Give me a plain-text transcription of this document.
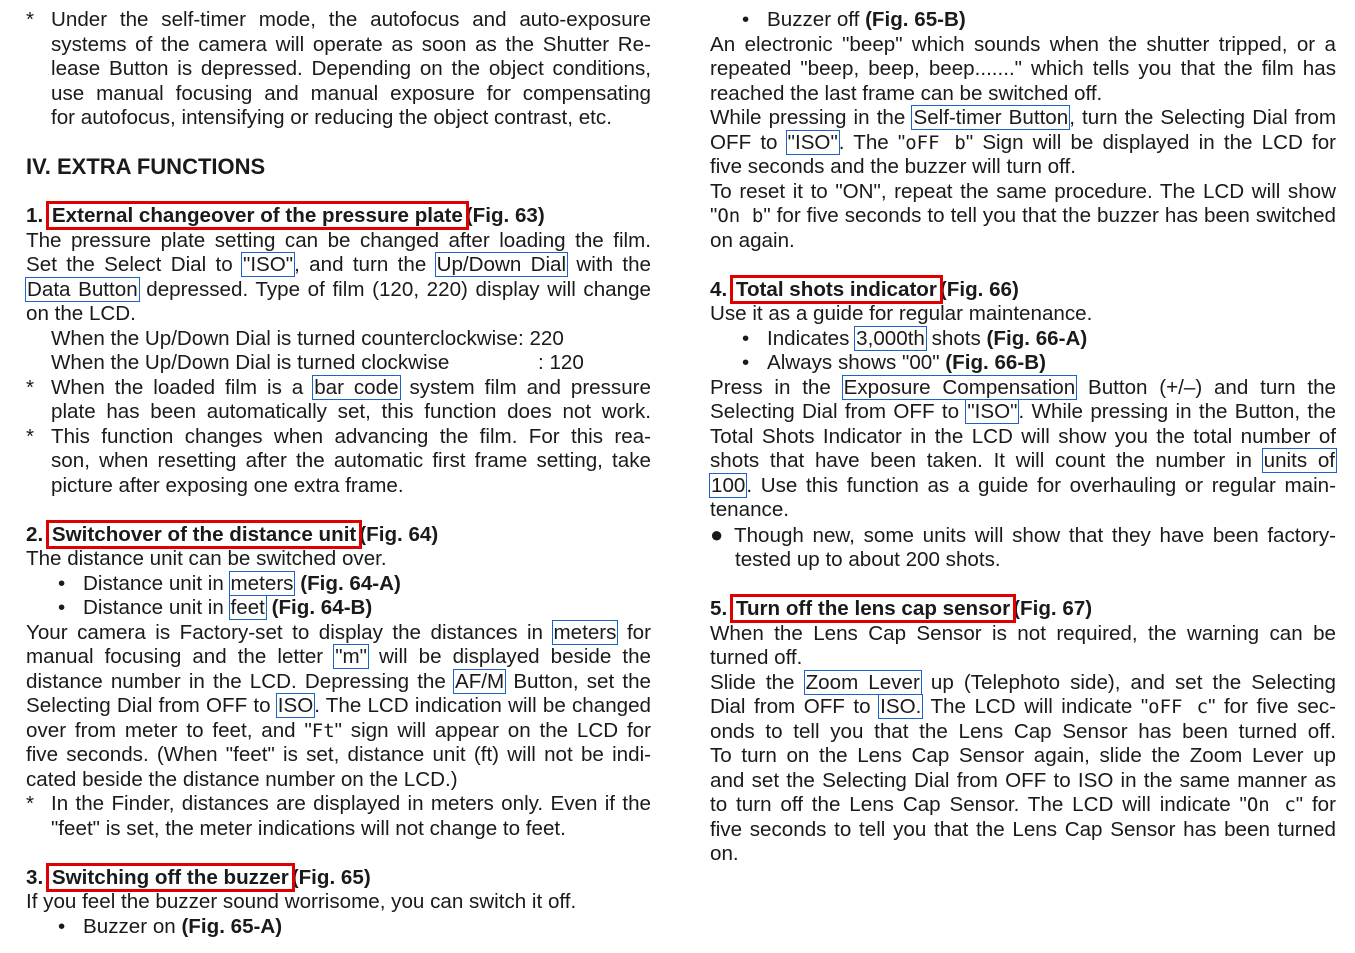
*Under the self-timer mode, the autofocus and auto-exposure
systems of the camera will operate as soon as the Shutter Re-
lease Button is depressed. Depending on the object conditions,
use manual focusing and manual exposure for compensating
for autofocus, intensifying or reducing the object contrast, etc.
IV. EXTRA FUNCTIONS
1. External changeover of the pressure plate (Fig. 63)
The pressure plate setting can be changed after loading the film.
Set the Select Dial to "ISO", and turn the Up/Down Dial with the
Data Button depressed. Type of film (120, 220) display will change
on the LCD.
When the Up/Down Dial is turned counterclockwise: 220
When the Up/Down Dial is turned clockwise	: 120
* When the loaded film is a bar code system film and pressure
plate has been automatically set, this function does not work.
* This function changes when advancing the film. For this rea-
son, when resetting after the automatic first frame setting, take
picture after exposing one extra frame.
2. Switchover of the distance unit (Fig. 64)
The distance unit can be switched over.
• Distance unit in meters (Fig. 64-A)
• Distance unit in feet (Fig. 64-B)
Your camera is Factory-set to display the distances in meters for
manual focusing and the letter "m" will be displayed beside the
distance number in the LCD. Depressing the AF/M Button, set the
Selecting Dial from OFF to ISO. The LCD indication will be changed
over from meter to feet, and "Ft" sign will appear on the LCD for
five seconds. (When "feet" is set, distance unit (ft) will not be indi-
cated beside the distance number on the LCD.)
* In the Finder, distances are displayed in meters only. Even if the
"feet" is set, the meter indications will not change to feet.
3. Switching off the buzzer (Fig. 65)
If you feel the buzzer sound worrisome, you can switch it off.
• Buzzer on (Fig. 65-A)
• Buzzer off (Fig. 65-B)
An electronic "beep" which sounds when the shutter tripped, or a
repeated "beep, beep, beep......." which tells you that the film has
reached the last frame can be switched off.
While pressing in the Self-timer Button, turn the Selecting Dial from
OFF to "ISO". The "oFF b" Sign will be displayed in the LCD for
five seconds and the buzzer will turn off.
To reset it to "ON", repeat the same procedure. The LCD will show
"On b" for five seconds to tell you that the buzzer has been switched
on again.
4. Total shots indicator (Fig. 66)
Use it as a guide for regular maintenance.
• Indicates 3,000th shots (Fig. 66-A)
• Always shows "00" (Fig. 66-B)
Press in the Exposure Compensation Button (+/–) and turn the
Selecting Dial from OFF to "ISO". While pressing in the Button, the
Total Shots Indicator in the LCD will show you the total number of
shots that have been taken. It will count the number in units of
100. Use this function as a guide for overhauling or regular main-
tenance.
● Though new, some units will show that they have been factory-
tested up to about 200 shots.
5. Turn off the lens cap sensor (Fig. 67)
When the Lens Cap Sensor is not required, the warning can be
turned off.
Slide the Zoom Lever up (Telephoto side), and set the Selecting
Dial from OFF to ISO. The LCD will indicate "oFF c" for five sec-
onds to tell you that the Lens Cap Sensor has been turned off.
To turn on the Lens Cap Sensor again, slide the Zoom Lever up
and set the Selecting Dial from OFF to ISO in the same manner as
to turn off the Lens Cap Sensor. The LCD will indicate "On c" for
five seconds to tell you that the Lens Cap Sensor has been turned
on.
